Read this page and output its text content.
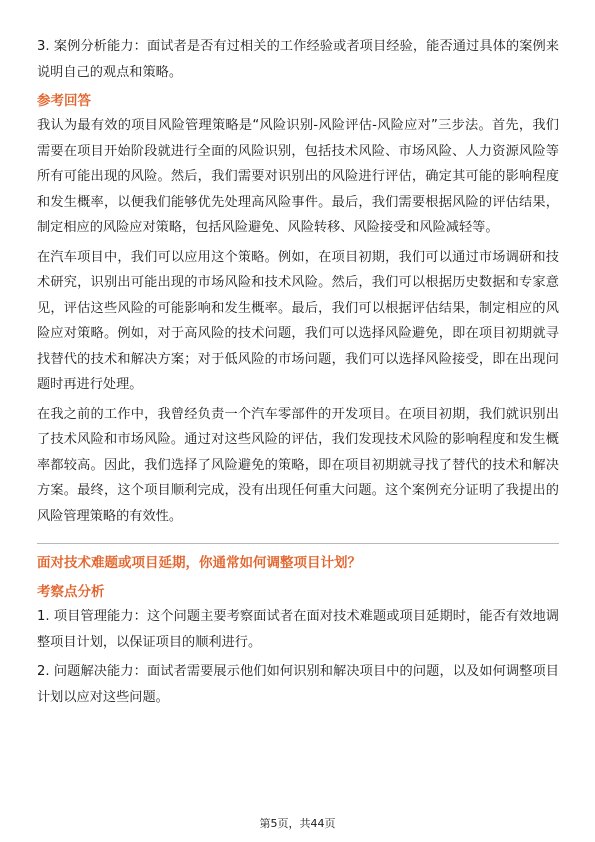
3. 案例分析能力：面试者是否有过相关的工作经验或者项目经验，能否通过具体的案例来说明自己的观点和策略。

参考回答

我认为最有效的项目风险管理策略是“风险识别-风险评估-风险应对”三步法。首先，我们需要在项目开始阶段就进行全面的风险识别，包括技术风险、市场风险、人力资源风险等所有可能出现的风险。然后，我们需要对识别出的风险进行评估，确定其可能的影响程度和发生概率，以便我们能够优先处理高风险事件。最后，我们需要根据风险的评估结果，制定相应的风险应对策略，包括风险避免、风险转移、风险接受和风险减轻等。

在汽车项目中，我们可以应用这个策略。例如，在项目初期，我们可以通过市场调研和技术研究，识别出可能出现的市场风险和技术风险。然后，我们可以根据历史数据和专家意见，评估这些风险的可能影响和发生概率。最后，我们可以根据评估结果，制定相应的风险应对策略。例如，对于高风险的技术问题，我们可以选择风险避免，即在项目初期就寻找替代的技术和解决方案；对于低风险的市场问题，我们可以选择风险接受，即在出现问题时再进行处理。

在我之前的工作中，我曾经负责一个汽车零部件的开发项目。在项目初期，我们就识别出了技术风险和市场风险。通过对这些风险的评估，我们发现技术风险的影响程度和发生概率都较高。因此，我们选择了风险避免的策略，即在项目初期就寻找了替代的技术和解决方案。最终，这个项目顺利完成，没有出现任何重大问题。这个案例充分证明了我提出的风险管理策略的有效性。

面对技术难题或项目延期，你通常如何调整项目计划？

考察点分析

1. 项目管理能力：这个问题主要考察面试者在面对技术难题或项目延期时，能否有效地调整项目计划，以保证项目的顺利进行。

2. 问题解决能力：面试者需要展示他们如何识别和解决项目中的问题，以及如何调整项目计划以应对这些问题。

第5页，共44页
